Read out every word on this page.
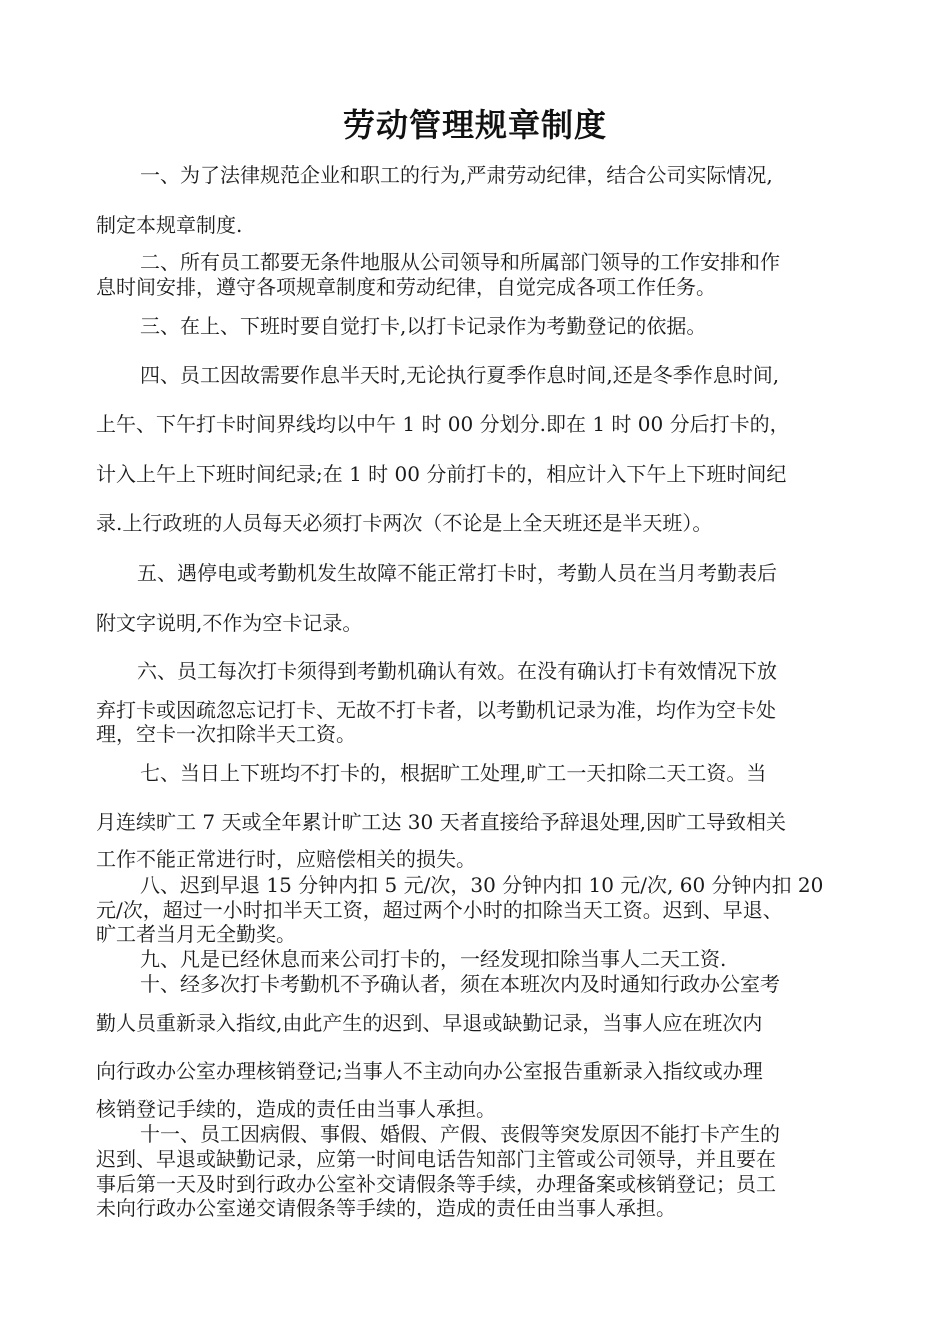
劳动管理规章制度
一、为了法律规范企业和职工的行为,严肃劳动纪律，结合公司实际情况,
制定本规章制度.
二、所有员工都要无条件地服从公司领导和所属部门领导的工作安排和作
息时间安排，遵守各项规章制度和劳动纪律，自觉完成各项工作任务。
三、在上、下班时要自觉打卡,以打卡记录作为考勤登记的依据。
四、员工因故需要作息半天时,无论执行夏季作息时间,还是冬季作息时间,
上午、下午打卡时间界线均以中午 1 时 00 分划分.即在 1 时 00 分后打卡的，
计入上午上下班时间纪录;在 1 时 00 分前打卡的，相应计入下午上下班时间纪
录.上行政班的人员每天必须打卡两次（不论是上全天班还是半天班）。
五、遇停电或考勤机发生故障不能正常打卡时，考勤人员在当月考勤表后
附文字说明,不作为空卡记录。
六、员工每次打卡须得到考勤机确认有效。在没有确认打卡有效情况下放
弃打卡或因疏忽忘记打卡、无故不打卡者，以考勤机记录为准，均作为空卡处
理，空卡一次扣除半天工资。
七、当日上下班均不打卡的，根据旷工处理,旷工一天扣除二天工资。当
月连续旷工 7 天或全年累计旷工达 30 天者直接给予辞退处理,因旷工导致相关
工作不能正常进行时，应赔偿相关的损失。
八、迟到早退 15 分钟内扣 5 元/次，30 分钟内扣 10 元/次, 60 分钟内扣 20
元/次，超过一小时扣半天工资，超过两个小时的扣除当天工资。迟到、早退、
旷工者当月无全勤奖。
九、凡是已经休息而来公司打卡的，一经发现扣除当事人二天工资.
十、经多次打卡考勤机不予确认者，须在本班次内及时通知行政办公室考
勤人员重新录入指纹,由此产生的迟到、早退或缺勤记录，当事人应在班次内
向行政办公室办理核销登记;当事人不主动向办公室报告重新录入指纹或办理
核销登记手续的，造成的责任由当事人承担。
十一、员工因病假、事假、婚假、产假、丧假等突发原因不能打卡产生的
迟到、早退或缺勤记录，应第一时间电话告知部门主管或公司领导，并且要在
事后第一天及时到行政办公室补交请假条等手续，办理备案或核销登记；员工
未向行政办公室递交请假条等手续的，造成的责任由当事人承担。
